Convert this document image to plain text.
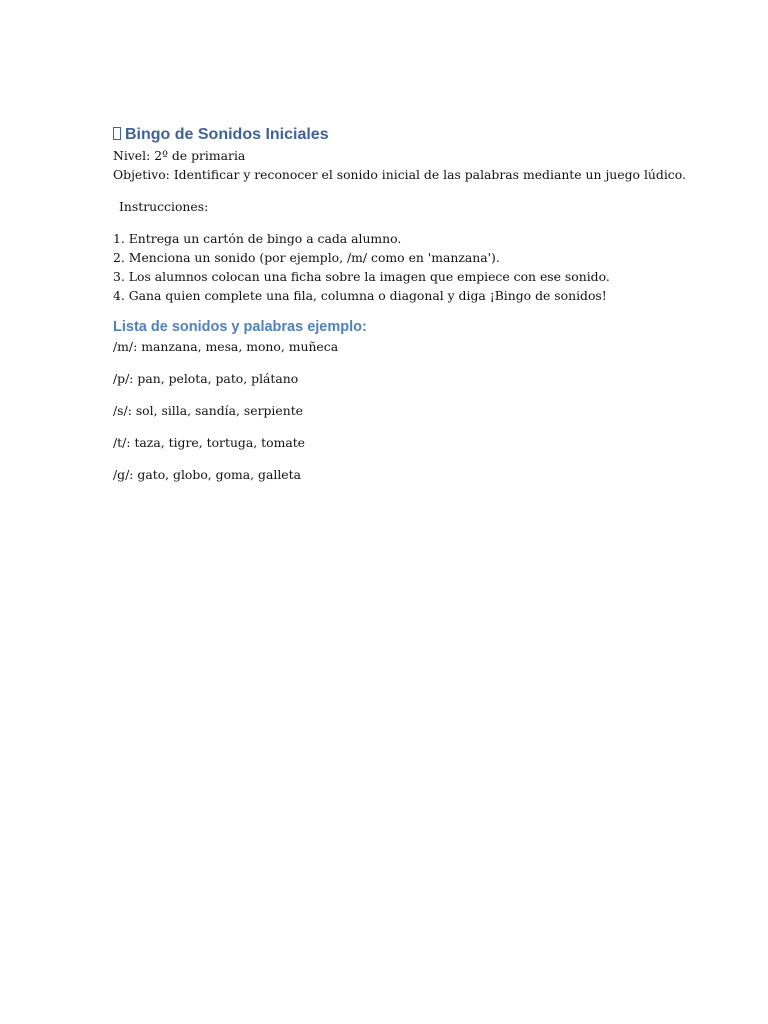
Bingo de Sonidos Iniciales

Nivel: 2º de primaria

Objetivo: Identificar y reconocer el sonido inicial de las palabras mediante un juego lúdico.

Instrucciones:

1. Entrega un cartón de bingo a cada alumno.

2. Menciona un sonido (por ejemplo, /m/ como en 'manzana').

3. Los alumnos colocan una ficha sobre la imagen que empiece con ese sonido.

4. Gana quien complete una fila, columna o diagonal y diga ¡Bingo de sonidos!

Lista de sonidos y palabras ejemplo:

/m/: manzana, mesa, mono, muñeca

/p/: pan, pelota, pato, plátano

/s/: sol, silla, sandía, serpiente

/t/: taza, tigre, tortuga, tomate

/g/: gato, globo, goma, galleta
